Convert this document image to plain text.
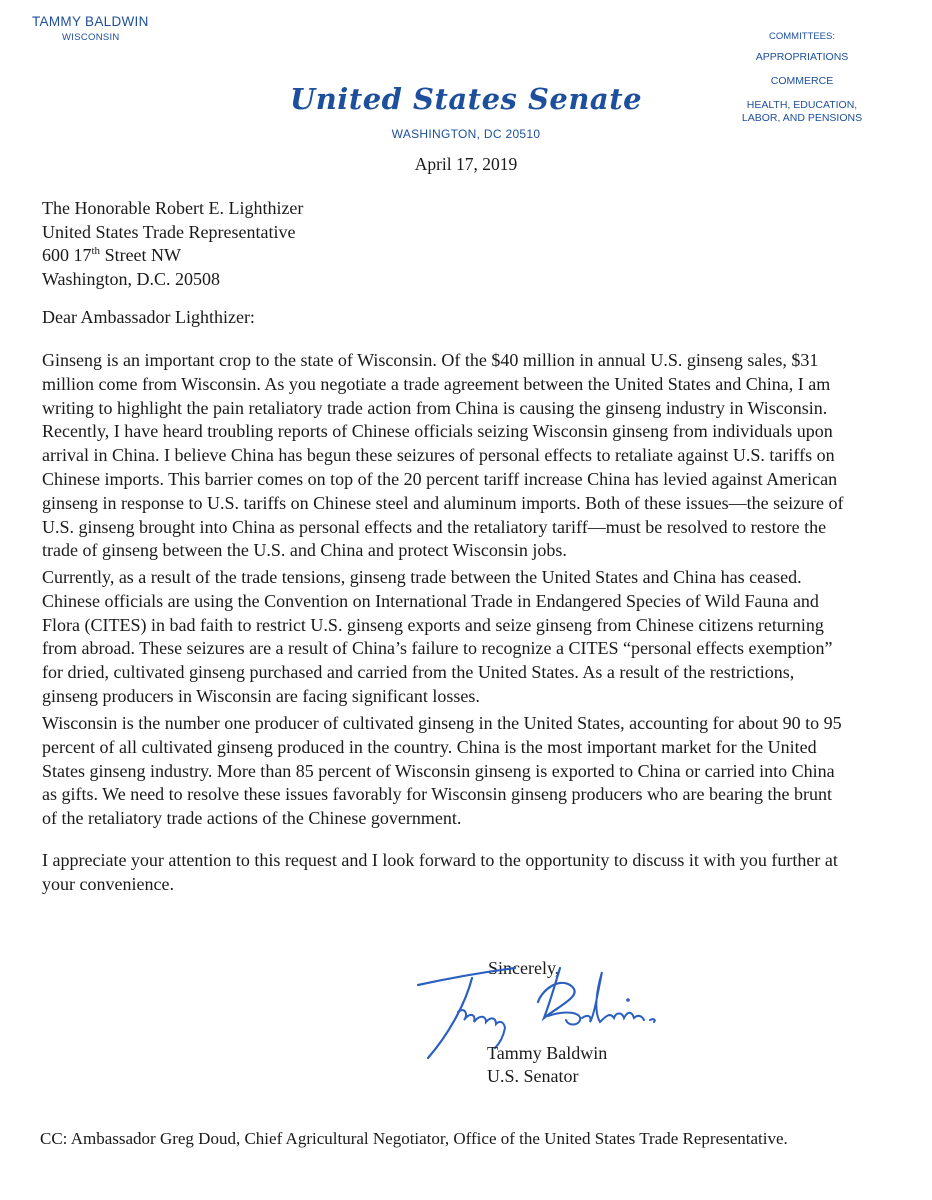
TAMMY BALDWIN
WISCONSIN	COMMITTEES:
APPROPRIATIONS
COMMERCE
HEALTH, EDUCATION,
LABOR, AND PENSIONS
United States Senate
WASHINGTON, DC 20510
April 17, 2019
The Honorable Robert E. Lighthizer
United States Trade Representative
600 17th Street NW
Washington, D.C. 20508
Dear Ambassador Lighthizer:
Ginseng is an important crop to the state of Wisconsin. Of the $40 million in annual U.S. ginseng sales, $31
million come from Wisconsin. As you negotiate a trade agreement between the United States and China, I am
writing to highlight the pain retaliatory trade action from China is causing the ginseng industry in Wisconsin.
Recently, I have heard troubling reports of Chinese officials seizing Wisconsin ginseng from individuals upon
arrival in China. I believe China has begun these seizures of personal effects to retaliate against U.S. tariffs on
Chinese imports. This barrier comes on top of the 20 percent tariff increase China has levied against American
ginseng in response to U.S. tariffs on Chinese steel and aluminum imports. Both of these issues—the seizure of
U.S. ginseng brought into China as personal effects and the retaliatory tariff—must be resolved to restore the
trade of ginseng between the U.S. and China and protect Wisconsin jobs.
Currently, as a result of the trade tensions, ginseng trade between the United States and China has ceased.
Chinese officials are using the Convention on International Trade in Endangered Species of Wild Fauna and
Flora (CITES) in bad faith to restrict U.S. ginseng exports and seize ginseng from Chinese citizens returning
from abroad. These seizures are a result of China’s failure to recognize a CITES “personal effects exemption”
for dried, cultivated ginseng purchased and carried from the United States. As a result of the restrictions,
ginseng producers in Wisconsin are facing significant losses.
Wisconsin is the number one producer of cultivated ginseng in the United States, accounting for about 90 to 95
percent of all cultivated ginseng produced in the country. China is the most important market for the United
States ginseng industry. More than 85 percent of Wisconsin ginseng is exported to China or carried into China
as gifts. We need to resolve these issues favorably for Wisconsin ginseng producers who are bearing the brunt
of the retaliatory trade actions of the Chinese government.
I appreciate your attention to this request and I look forward to the opportunity to discuss it with you further at
your convenience.
Sincerely,
Tammy Baldwin
U.S. Senator
CC: Ambassador Greg Doud, Chief Agricultural Negotiator, Office of the United States Trade Representative.
